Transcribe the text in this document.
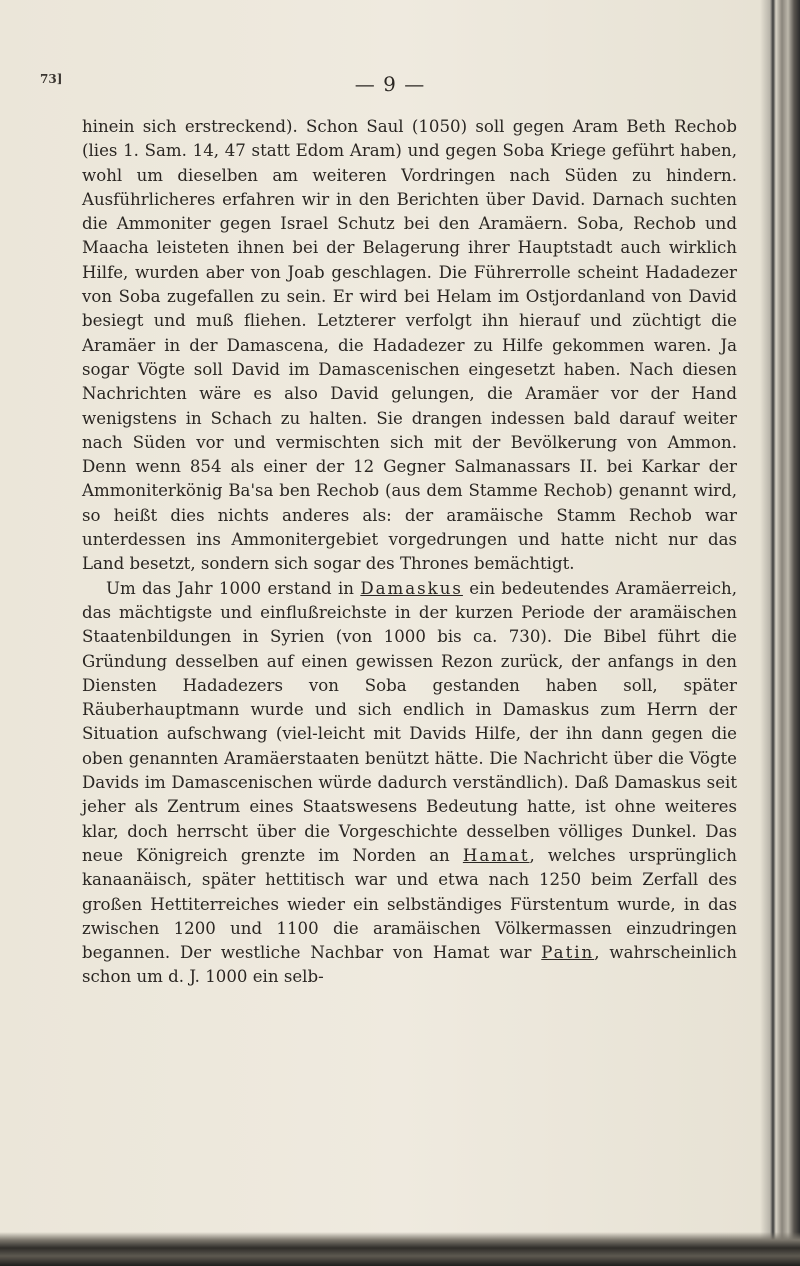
73]	— 9 —

hinein sich erstreckend). Schon Saul (1050) soll gegen Aram Beth Rechob (lies 1. Sam. 14, 47 statt Edom Aram) und gegen Soba Kriege geführt haben, wohl um dieselben am weiteren Vordringen nach Süden zu hindern. Ausführlicheres erfahren wir in den Berichten über David. Darnach suchten die Ammoniter gegen Israel Schutz bei den Aramäern. Soba, Rechob und Maacha leisteten ihnen bei der Belagerung ihrer Hauptstadt auch wirklich Hilfe, wurden aber von Joab geschlagen. Die Führerrolle scheint Hadadezer von Soba zugefallen zu sein. Er wird bei Helam im Ostjordanland von David besiegt und muß fliehen. Letzterer verfolgt ihn hierauf und züchtigt die Aramäer in der Damascena, die Hadadezer zu Hilfe gekommen waren. Ja sogar Vögte soll David im Damascenischen eingesetzt haben. Nach diesen Nachrichten wäre es also David gelungen, die Aramäer vor der Hand wenigstens in Schach zu halten. Sie drangen indessen bald darauf weiter nach Süden vor und vermischten sich mit der Bevölkerung von Ammon. Denn wenn 854 als einer der 12 Gegner Salmanassars II. bei Karkar der Ammoniterkönig Ba'sa ben Rechob (aus dem Stamme Rechob) genannt wird, so heißt dies nichts anderes als: der aramäische Stamm Rechob war unterdessen ins Ammonitergebiet vorgedrungen und hatte nicht nur das Land besetzt, sondern sich sogar des Thrones bemächtigt.

Um das Jahr 1000 erstand in Damaskus ein bedeutendes Aramäerreich, das mächtigste und einflußreichste in der kurzen Periode der aramäischen Staatenbildungen in Syrien (von 1000 bis ca. 730). Die Bibel führt die Gründung desselben auf einen gewissen Rezon zurück, der anfangs in den Diensten Hadadezers von Soba gestanden haben soll, später Räuberhauptmann wurde und sich endlich in Damaskus zum Herrn der Situation aufschwang (viel-leicht mit Davids Hilfe, der ihn dann gegen die oben genannten Aramäerstaaten benützt hätte. Die Nachricht über die Vögte Davids im Damascenischen würde dadurch verständlich). Daß Damaskus seit jeher als Zentrum eines Staatswesens Bedeutung hatte, ist ohne weiteres klar, doch herrscht über die Vorgeschichte desselben völliges Dunkel. Das neue Königreich grenzte im Norden an Hamat, welches ursprünglich kanaanäisch, später hettitisch war und etwa nach 1250 beim Zerfall des großen Hettiterreiches wieder ein selbständiges Fürstentum wurde, in das zwischen 1200 und 1100 die aramäischen Völkermassen einzudringen begannen. Der westliche Nachbar von Hamat war Patin, wahrscheinlich schon um d. J. 1000 ein selb-
